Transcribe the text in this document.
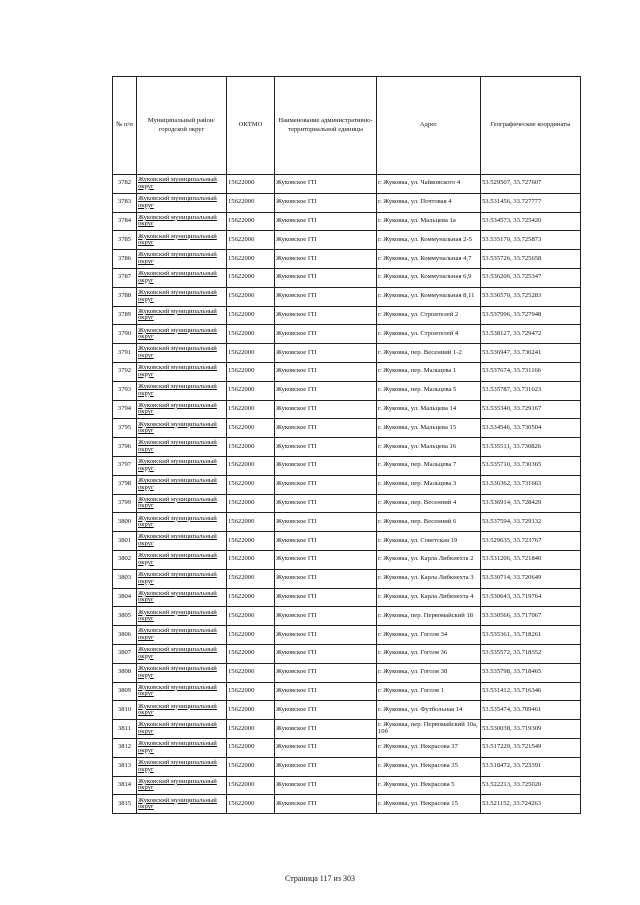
№ п/п	Муниципальный район/городской округ	ОКТМО	Наименование административно-территориальной единицы	Адрес	Географические координаты
3782	Жуковский муниципальный округ	15622000	Жуковское ГП	г. Жуковка, ул. Чайковского 4	53.529507, 33.727607
3783	Жуковский муниципальный округ	15622000	Жуковское ГП	г. Жуковка, ул. Почтовая 4	53.531456, 33.727777
3784	Жуковский муниципальный округ	15622000	Жуковское ГП	г. Жуковка, ул. Мальцева 1а	53.534573, 33.725420
3785	Жуковский муниципальный округ	15622000	Жуковское ГП	г. Жуковка, ул. Коммунальная 2-5	53.535170, 33.725873
3786	Жуковский муниципальный округ	15622000	Жуковское ГП	г. Жуковка, ул. Коммунальная 4,7	53.535726, 33.725658
3787	Жуковский муниципальный округ	15622000	Жуковское ГП	г. Жуковка, ул. Коммунальная 6,9	53.536206, 33.725347
3788	Жуковский муниципальный округ	15622000	Жуковское ГП	г. Жуковка, ул. Коммунальная 8,11	53.536570, 33.725283
3789	Жуковский муниципальный округ	15622000	Жуковское ГП	г. Жуковка, ул. Строителей 2	53.537996, 33.727948
3790	Жуковский муниципальный округ	15622000	Жуковское ГП	г. Жуковка, ул. Строителей 4	53.538127, 33.729472
3791	Жуковский муниципальный округ	15622000	Жуковское ГП	г. Жуковка, пер. Весенний 1-2	53.536947, 33.730241
3792	Жуковский муниципальный округ	15622000	Жуковское ГП	г. Жуковка, пер. Мальцева 1	53.537674, 33.731166
3793	Жуковский муниципальный округ	15622000	Жуковское ГП	г. Жуковка, пер. Мальцева 5	53.535787, 33.731023
3794	Жуковский муниципальный округ	15622000	Жуковское ГП	г. Жуковка, ул. Мальцева 14	53.535340, 33.729167
3795	Жуковский муниципальный округ	15622000	Жуковское ГП	г. Жуковка, ул. Мальцева 15	53.534546, 33.730504
3796	Жуковский муниципальный округ	15622000	Жуковское ГП	г. Жуковка, ул. Мальцева 16	53.535511, 33.730826
3797	Жуковский муниципальный округ	15622000	Жуковское ГП	г. Жуковка, пер. Мальцева 7	53.535710, 33.730365
3798	Жуковский муниципальный округ	15622000	Жуковское ГП	г. Жуковка, пер. Мальцева 3	53.536362, 33.731663
3799	Жуковский муниципальный округ	15622000	Жуковское ГП	г. Жуковка, пер. Весенний 4	53.536914, 33.728429
3800	Жуковский муниципальный округ	15622000	Жуковское ГП	г. Жуковка, пер. Весенний 6	53.537594, 33.729132
3801	Жуковский муниципальный округ	15622000	Жуковское ГП	г. Жуковка, ул. Советская 19	53.529635, 33.723767
3802	Жуковский муниципальный округ	15622000	Жуковское ГП	г. Жуковка, ул. Карла Либкнехта 2	53.531206, 33.721840
3803	Жуковский муниципальный округ	15622000	Жуковское ГП	г. Жуковка, ул. Карла Либкнехта 3	53.530714, 33.720649
3804	Жуковский муниципальный округ	15622000	Жуковское ГП	г. Жуковка, ул. Карла Либкнехта 4	53.530643, 33.719764
3805	Жуковский муниципальный округ	15622000	Жуковское ГП	г. Жуковка, пер. Первомайский 18	53.530566, 33.717067
3806	Жуковский муниципальный округ	15622000	Жуковское ГП	г. Жуковка, ул. Гоголя 34	53.535361, 33.718261
3807	Жуковский муниципальный округ	15622000	Жуковское ГП	г. Жуковка, ул. Гоголя 36	53.535572, 33.718352
3808	Жуковский муниципальный округ	15622000	Жуковское ГП	г. Жуковка, ул. Гоголя 38	53.535798, 33.718465
3809	Жуковский муниципальный округ	15622000	Жуковское ГП	г. Жуковка, ул. Гоголя 1	53.531412, 33.716346
3810	Жуковский муниципальный округ	15622000	Жуковское ГП	г. Жуковка, ул. Футбольная 14	53.535474, 33.709461
3811	Жуковский муниципальный округ	15622000	Жуковское ГП	г. Жуковка, пер. Первомайский 10а, 10б	53.530038, 33.719309
3812	Жуковский муниципальный округ	15622000	Жуковское ГП	г. Жуковка, ул. Некрасова 37	53.517229, 33.721549
3813	Жуковский муниципальный округ	15622000	Жуковское ГП	г. Жуковка, ул. Некрасова 35	53.518472, 33.723391
3814	Жуковский муниципальный округ	15622000	Жуковское ГП	г. Жуковка, ул. Некрасова 5	53.522213, 33.725020
3815	Жуковский муниципальный округ	15622000	Жуковское ГП	г. Жуковка, ул. Некрасова 15	53.521152, 33.724263
Страница 117 из 303
